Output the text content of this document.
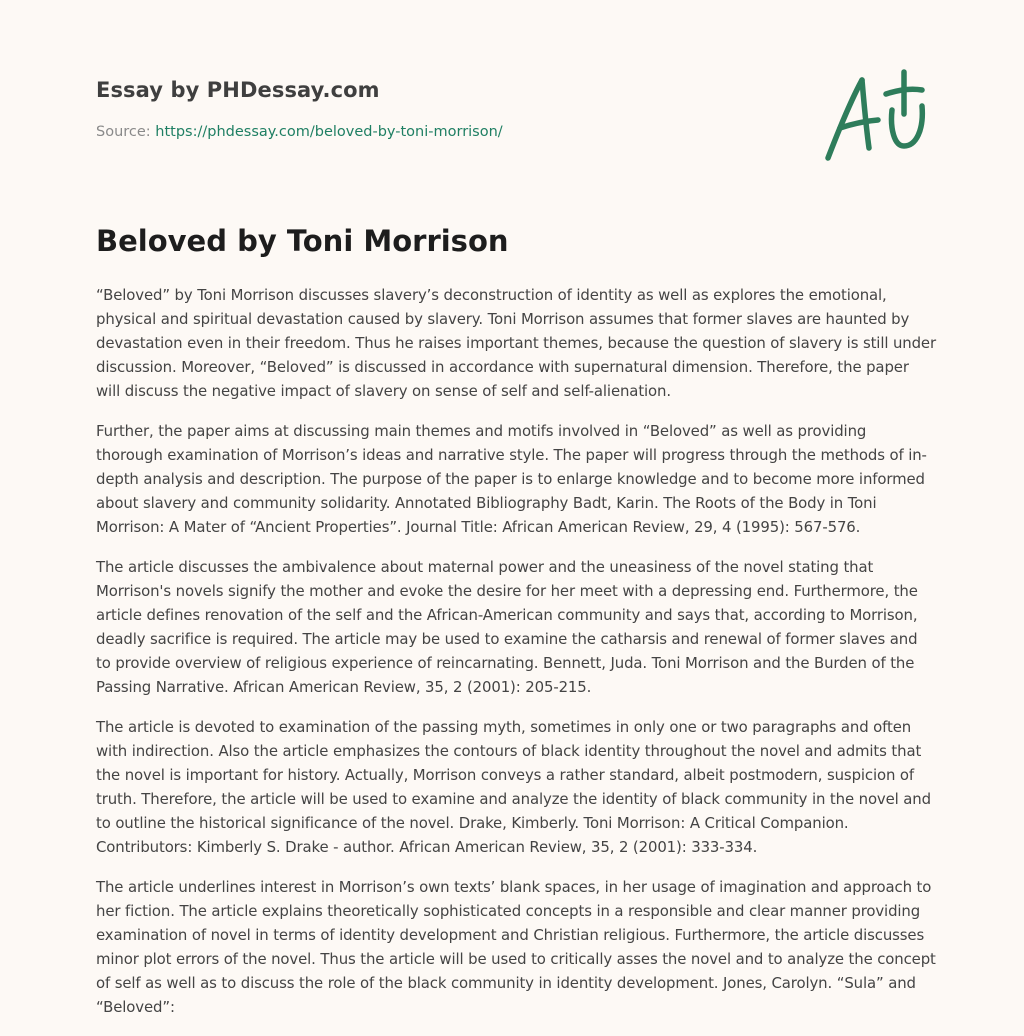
Essay by PHDessay.com
Source: https://phdessay.com/beloved-by-toni-morrison/
Beloved by Toni Morrison

“Beloved” by Toni Morrison discusses slavery’s deconstruction of identity as well as explores the emotional, physical and spiritual devastation caused by slavery. Toni Morrison assumes that former slaves are haunted by devastation even in their freedom. Thus he raises important themes, because the question of slavery is still under discussion. Moreover, “Beloved” is discussed in accordance with supernatural dimension. Therefore, the paper will discuss the negative impact of slavery on sense of self and self-alienation.

Further, the paper aims at discussing main themes and motifs involved in “Beloved” as well as providing thorough examination of Morrison’s ideas and narrative style. The paper will progress through the methods of in-depth analysis and description. The purpose of the paper is to enlarge knowledge and to become more informed about slavery and community solidarity. Annotated Bibliography Badt, Karin. The Roots of the Body in Toni Morrison: A Mater of “Ancient Properties”. Journal Title: African American Review, 29, 4 (1995): 567-576.

The article discusses the ambivalence about maternal power and the uneasiness of the novel stating that Morrison's novels signify the mother and evoke the desire for her meet with a depressing end. Furthermore, the article defines renovation of the self and the African-American community and says that, according to Morrison, deadly sacrifice is required. The article may be used to examine the catharsis and renewal of former slaves and to provide overview of religious experience of reincarnating. Bennett, Juda. Toni Morrison and the Burden of the Passing Narrative. African American Review, 35, 2 (2001): 205-215.

The article is devoted to examination of the passing myth, sometimes in only one or two paragraphs and often with indirection. Also the article emphasizes the contours of black identity throughout the novel and admits that the novel is important for history. Actually, Morrison conveys a rather standard, albeit postmodern, suspicion of truth. Therefore, the article will be used to examine and analyze the identity of black community in the novel and to outline the historical significance of the novel. Drake, Kimberly. Toni Morrison: A Critical Companion. Contributors: Kimberly S. Drake - author. African American Review, 35, 2 (2001): 333-334.

The article underlines interest in Morrison’s own texts’ blank spaces, in her usage of imagination and approach to her fiction. The article explains theoretically sophisticated concepts in a responsible and clear manner providing examination of novel in terms of identity development and Christian religious. Furthermore, the article discusses minor plot errors of the novel. Thus the article will be used to critically asses the novel and to analyze the concept of self as well as to discuss the role of the black community in identity development. Jones, Carolyn. “Sula” and “Beloved”:
